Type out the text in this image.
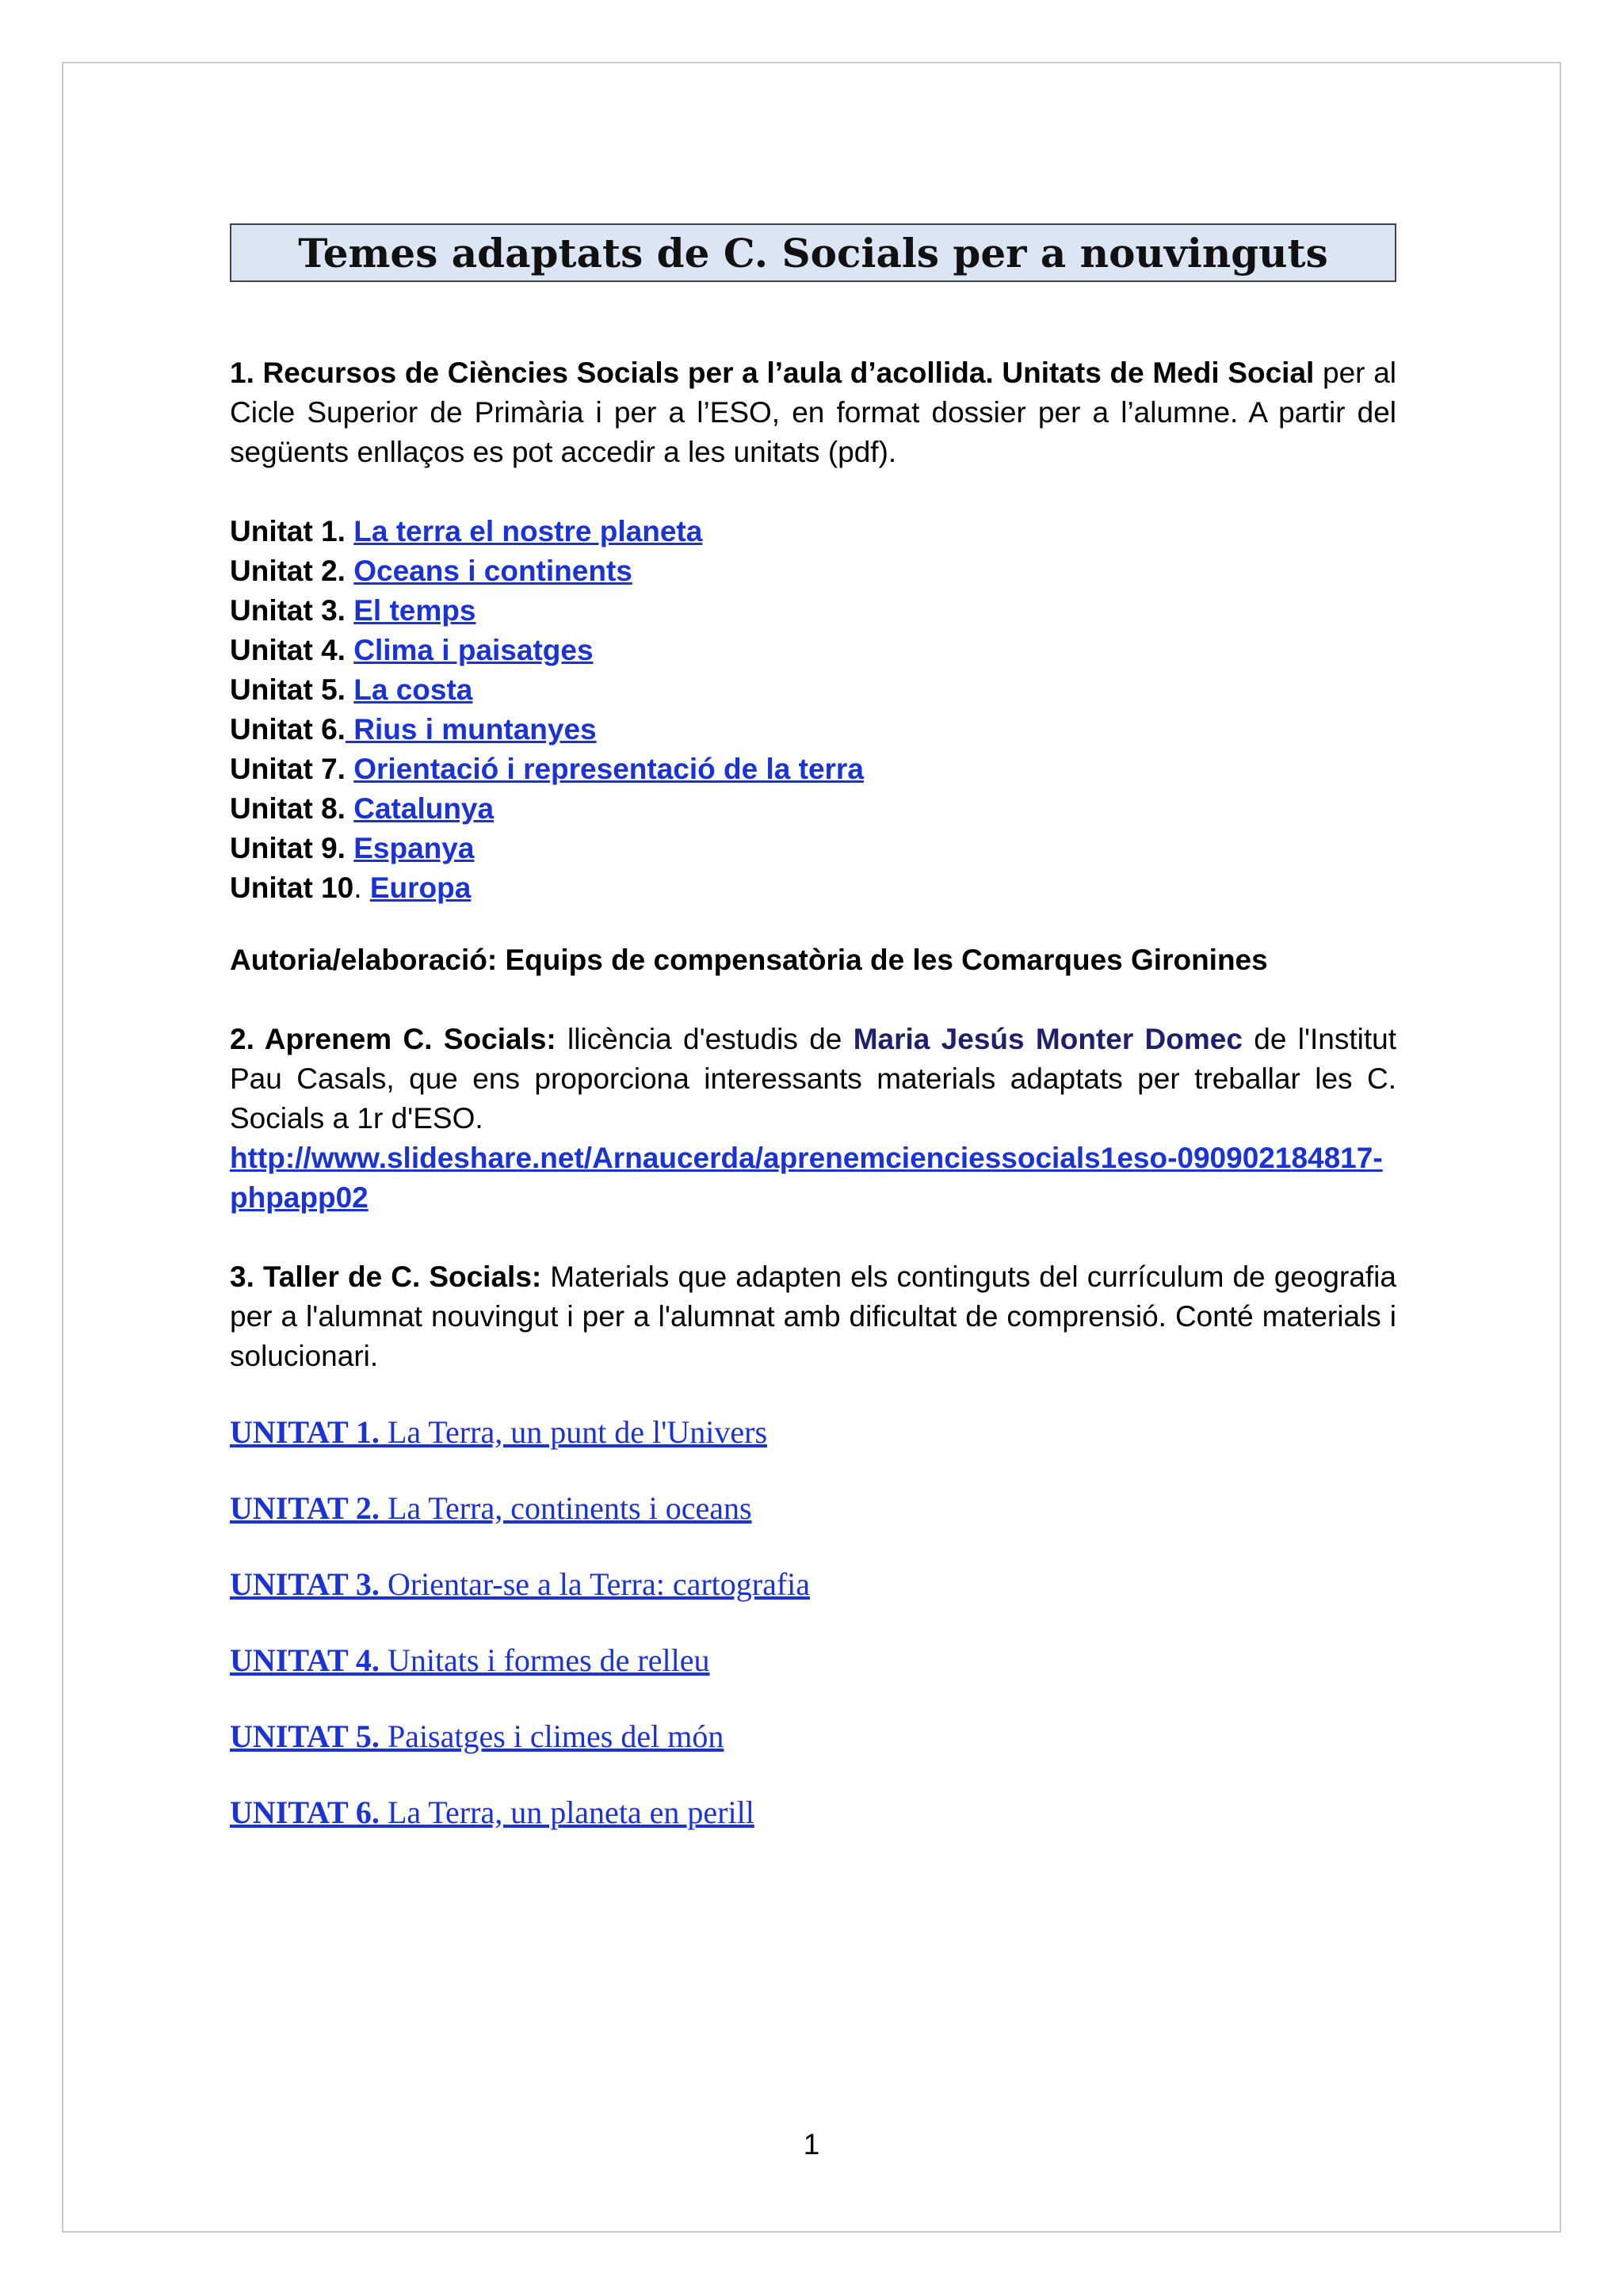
Temes adaptats de C. Socials per a nouvinguts

1. Recursos de Ciències Socials per a l’aula d’acollida. Unitats de Medi Social per al Cicle Superior de Primària i per a l’ESO, en format dossier per a l’alumne. A partir del següents enllaços es pot accedir a les unitats (pdf).

Unitat 1. La terra el nostre planeta
Unitat 2. Oceans i continents
Unitat 3. El temps
Unitat 4. Clima i paisatges
Unitat 5. La costa
Unitat 6. Rius i muntanyes
Unitat 7. Orientació i representació de la terra
Unitat 8. Catalunya
Unitat 9. Espanya
Unitat 10. Europa
Autoria/elaboració: Equips de compensatòria de les Comarques Gironines

2. Aprenem C. Socials: llicència d'estudis de Maria Jesús Monter Domec de l'Institut Pau Casals, que ens proporciona interessants materials adaptats per treballar les C. Socials a 1r d'ESO.
http://www.slideshare.net/Arnaucerda/aprenemcienciessocials1eso-090902184817-phpapp02

3. Taller de C. Socials: Materials que adapten els continguts del currículum de geografia per a l'alumnat nouvingut i per a l'alumnat amb dificultat de comprensió. Conté materials i solucionari.

UNITAT 1. La Terra, un punt de l'Univers
UNITAT 2. La Terra, continents i oceans
UNITAT 3. Orientar-se a la Terra: cartografia
UNITAT 4. Unitats i formes de relleu
UNITAT 5. Paisatges i climes del món
UNITAT 6. La Terra, un planeta en perill
1
